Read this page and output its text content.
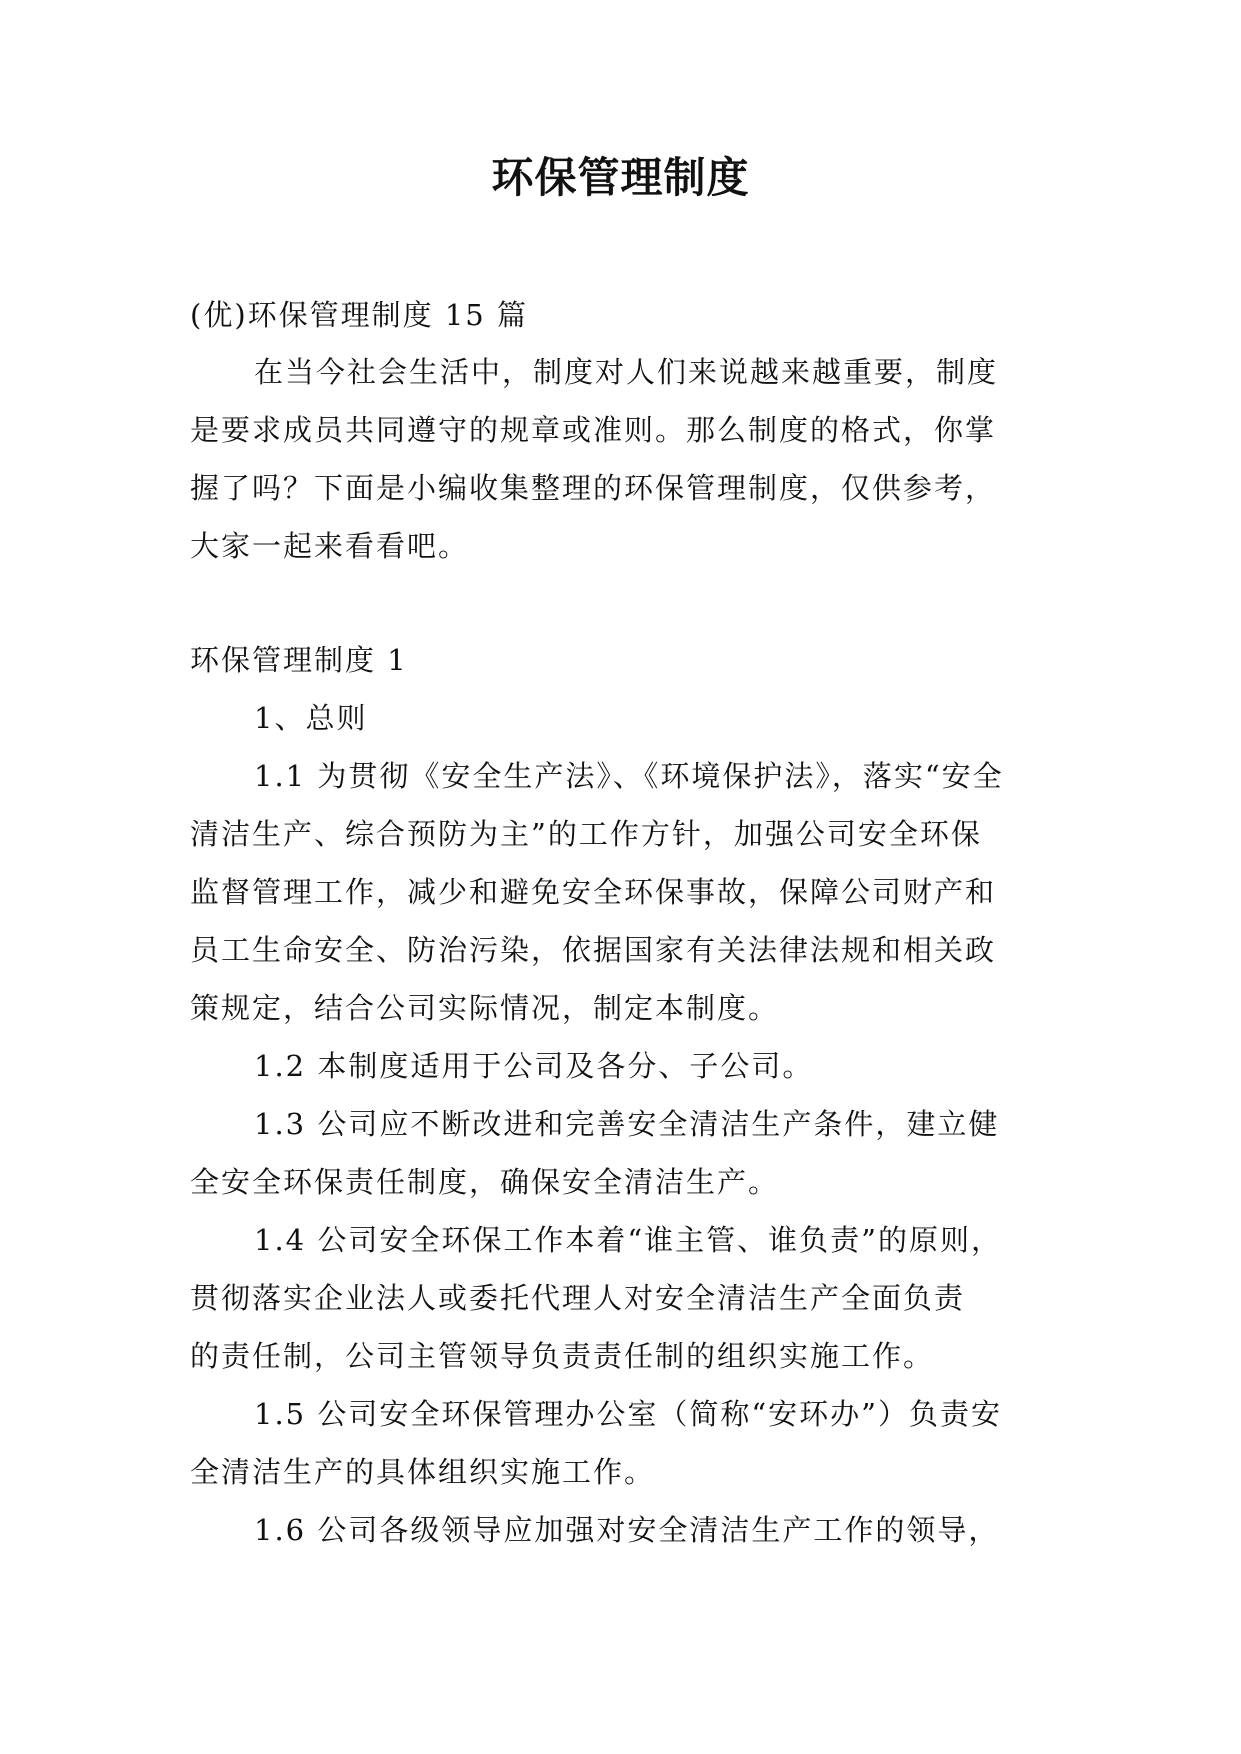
环保管理制度
(优)环保管理制度 15 篇
在当今社会生活中，制度对人们来说越来越重要，制度
是要求成员共同遵守的规章或准则。那么制度的格式，你掌
握了吗？下面是小编收集整理的环保管理制度，仅供参考，
大家一起来看看吧。
环保管理制度 1
1、总则
1.1 为贯彻《安全生产法》、《环境保护法》，落实“安全
清洁生产、综合预防为主”的工作方针，加强公司安全环保
监督管理工作，减少和避免安全环保事故，保障公司财产和
员工生命安全、防治污染，依据国家有关法律法规和相关政
策规定，结合公司实际情况，制定本制度。
1.2 本制度适用于公司及各分、子公司。
1.3 公司应不断改进和完善安全清洁生产条件，建立健
全安全环保责任制度，确保安全清洁生产。
1.4 公司安全环保工作本着“谁主管、谁负责”的原则，
贯彻落实企业法人或委托代理人对安全清洁生产全面负责
的责任制，公司主管领导负责责任制的组织实施工作。
1.5 公司安全环保管理办公室（简称“安环办”）负责安
全清洁生产的具体组织实施工作。
1.6 公司各级领导应加强对安全清洁生产工作的领导，
